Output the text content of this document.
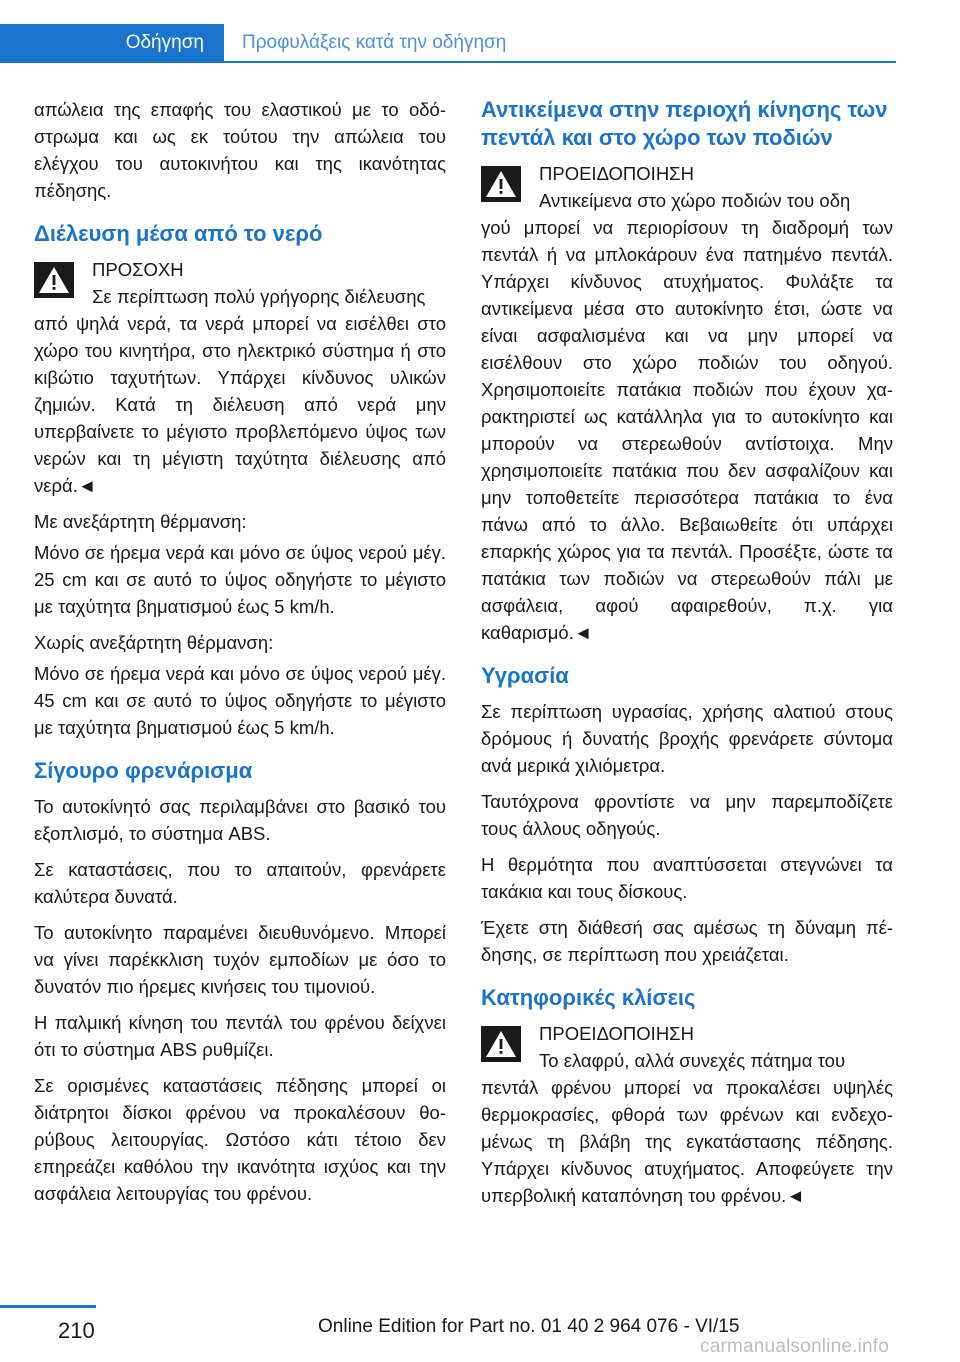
Οδήγηση Προφυλάξεις κατά την οδήγηση

απώλεια της επαφής του ελαστικού με το οδόστρωμα και ως εκ τούτου την απώλεια του ελέγχου του αυτοκινήτου και της ικανότητας πέδησης.

Διέλευση μέσα από το νερό
ΠΡΟΣΟΧΗ
Σε περίπτωση πολύ γρήγορης διέλευσης
από ψηλά νερά, τα νερά μπορεί να εισέλθει στο χώρο του κινητήρα, στο ηλεκτρικό σύστημα ή στο κιβώτιο ταχυτήτων. Υπάρχει κίνδυνος υλικών ζημιών. Κατά τη διέλευση από νερά μην υπερβαίνετε το μέγιστο προβλεπόμενο ύψος των νερών και τη μέγιστη ταχύτητα διέλευσης από νερά.◄

Με ανεξάρτητη θέρμανση:

Μόνο σε ήρεμα νερά και μόνο σε ύψος νερού μέγ. 25 cm και σε αυτό το ύψος οδηγήστε το μέγιστο με ταχύτητα βηματισμού έως 5 km/h.

Χωρίς ανεξάρτητη θέρμανση:

Μόνο σε ήρεμα νερά και μόνο σε ύψος νερού μέγ. 45 cm και σε αυτό το ύψος οδηγήστε το μέγιστο με ταχύτητα βηματισμού έως 5 km/h.

Σίγουρο φρενάρισμα

Το αυτοκίνητό σας περιλαμβάνει στο βασικό του εξοπλισμό, το σύστημα ABS.

Σε καταστάσεις, που το απαιτούν, φρενάρετε καλύτερα δυνατά.

Το αυτοκίνητο παραμένει διευθυνόμενο. Μπορεί να γίνει παρέκκλιση τυχόν εμποδίων με όσο το δυνατόν πιο ήρεμες κινήσεις του τιμονιού.

Η παλμική κίνηση του πεντάλ του φρένου δείχνει ότι το σύστημα ABS ρυθμίζει.

Σε ορισμένες καταστάσεις πέδησης μπορεί οι διάτρητοι δίσκοι φρένου να προκαλέσουν θορύβους λειτουργίας. Ωστόσο κάτι τέτοιο δεν επηρεάζει καθόλου την ικανότητα ισχύος και την ασφάλεια λειτουργίας του φρένου.

Αντικείμενα στην περιοχή κίνησης των πεντάλ και στο χώρο των ποδιών
ΠΡΟΕΙΔΟΠΟΙΗΣΗ
Αντικείμενα στο χώρο ποδιών του οδη
γού μπορεί να περιορίσουν τη διαδρομή των πεντάλ ή να μπλοκάρουν ένα πατημένο πεντάλ. Υπάρχει κίνδυνος ατυχήματος. Φυλάξτε τα αντικείμενα μέσα στο αυτοκίνητο έτσι, ώστε να είναι ασφαλισμένα και να μην μπορεί να εισέλθουν στο χώρο ποδιών του οδηγού. Χρησιμοποιείτε πατάκια ποδιών που έχουν χαρακτηριστεί ως κατάλληλα για το αυτοκίνητο και μπορούν να στερεωθούν αντίστοιχα. Μην χρησιμοποιείτε πατάκια που δεν ασφαλίζουν και μην τοποθετείτε περισσότερα πατάκια το ένα πάνω από το άλλο. Βεβαιωθείτε ότι υπάρχει επαρκής χώρος για τα πεντάλ. Προσέξτε, ώστε τα πατάκια των ποδιών να στερεωθούν πάλι με ασφάλεια, αφού αφαιρεθούν, π.χ. για καθαρισμό.◄
Υγρασία

Σε περίπτωση υγρασίας, χρήσης αλατιού στους δρόμους ή δυνατής βροχής φρενάρετε σύντομα ανά μερικά χιλιόμετρα.

Ταυτόχρονα φροντίστε να μην παρεμποδίζετε τους άλλους οδηγούς.

Η θερμότητα που αναπτύσσεται στεγνώνει τα τακάκια και τους δίσκους.

Έχετε στη διάθεσή σας αμέσως τη δύναμη πέδησης, σε περίπτωση που χρειάζεται.

Κατηφορικές κλίσεις
ΠΡΟΕΙΔΟΠΟΙΗΣΗ
Το ελαφρύ, αλλά συνεχές πάτημα του
πεντάλ φρένου μπορεί να προκαλέσει υψηλές θερμοκρασίες, φθορά των φρένων και ενδεχομένως τη βλάβη της εγκατάστασης πέδησης. Υπάρχει κίνδυνος ατυχήματος. Αποφεύγετε την υπερβολική καταπόνηση του φρένου.◄
210	Online Edition for Part no. 01 40 2 964 076 - VI/15
carmanualsonline.info
